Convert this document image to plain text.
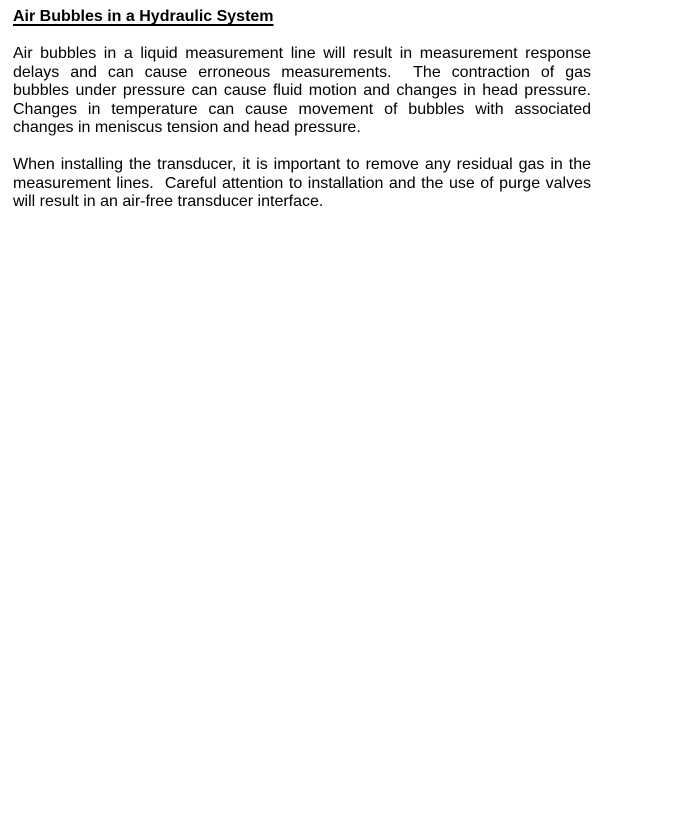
Air Bubbles in a Hydraulic System
Air bubbles in a liquid measurement line will result in measurement response
delays and can cause erroneous measurements.  The contraction of gas
bubbles under pressure can cause fluid motion and changes in head pressure.
Changes in temperature can cause movement of bubbles with associated
changes in meniscus tension and head pressure.
When installing the transducer, it is important to remove any residual gas in the
measurement lines.  Careful attention to installation and the use of purge valves
will result in an air-free transducer interface.
